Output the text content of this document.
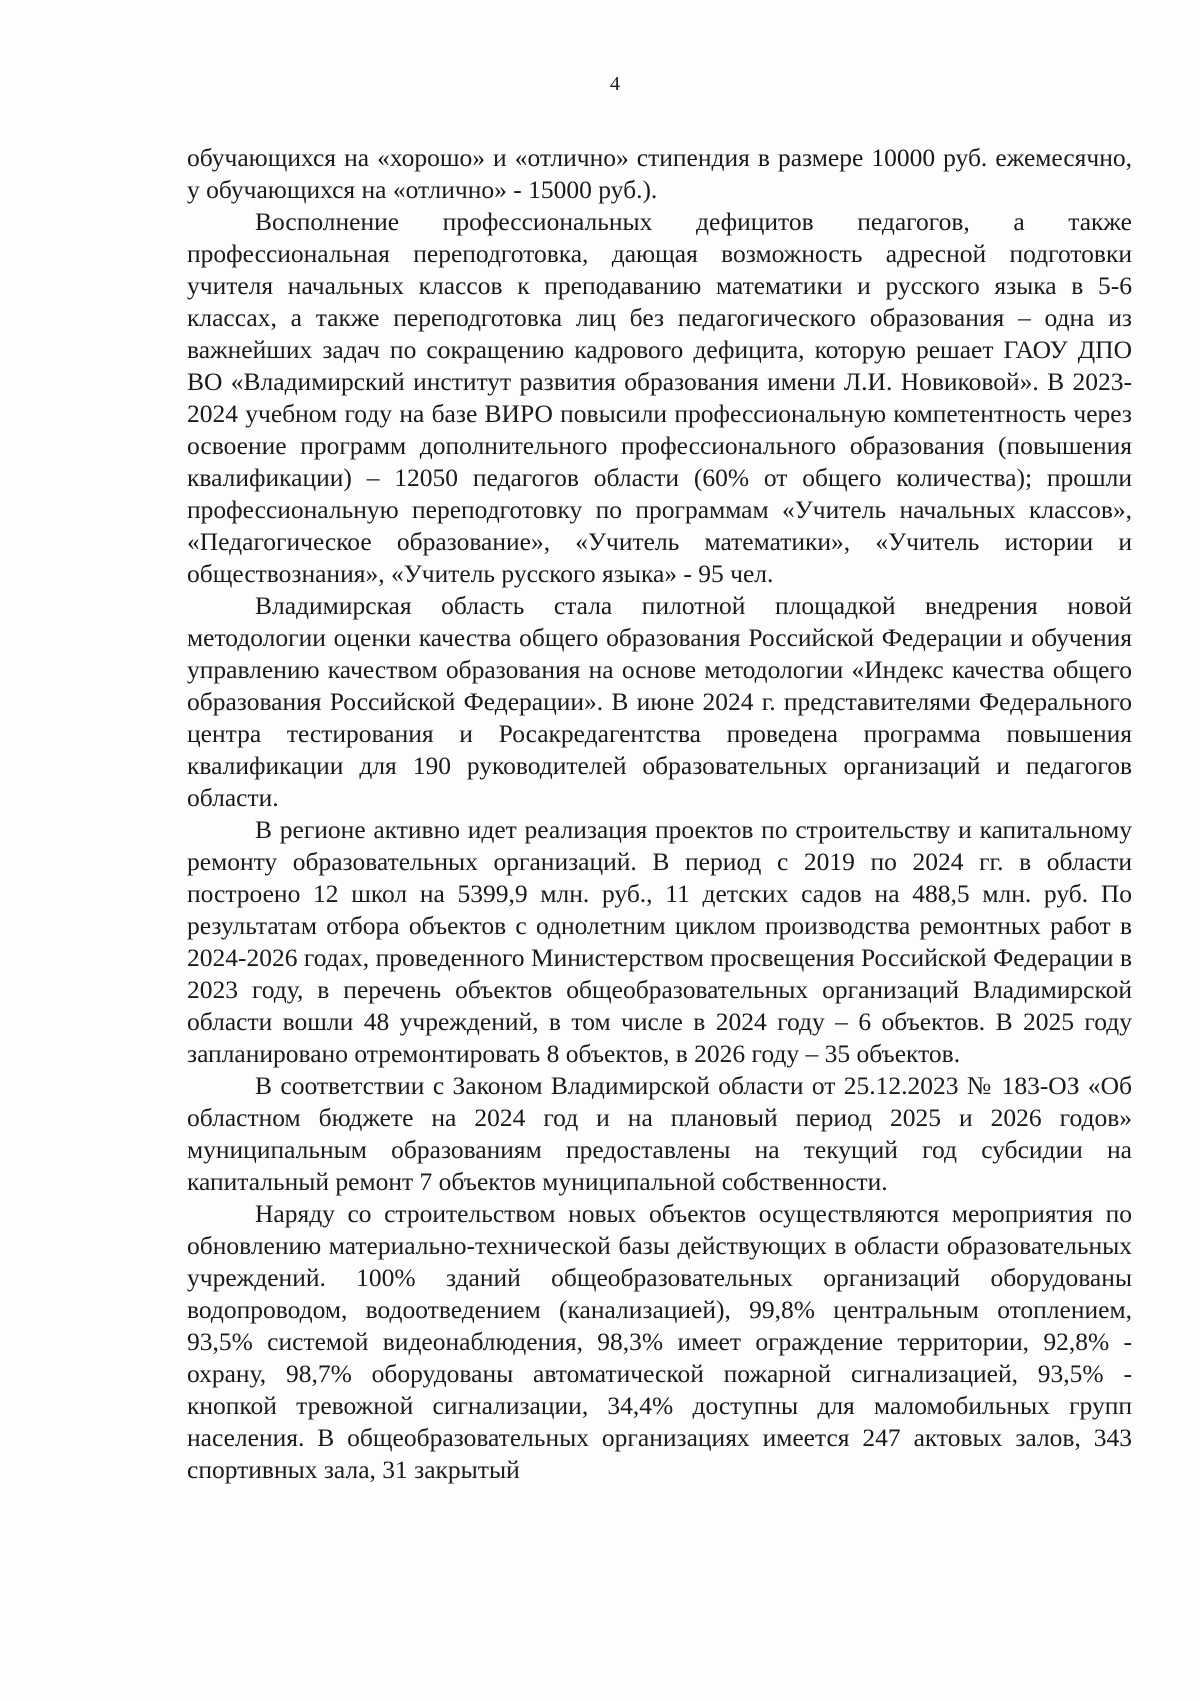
4

обучающихся на «хорошо» и «отлично» стипендия в размере 10000 руб. ежемесячно, у обучающихся на «отлично» - 15000 руб.).

Восполнение профессиональных дефицитов педагогов, а также профессиональная переподготовка, дающая возможность адресной подготовки учителя начальных классов к преподаванию математики и русского языка в 5-6 классах, а также переподготовка лиц без педагогического образования – одна из важнейших задач по сокращению кадрового дефицита, которую решает ГАОУ ДПО ВО «Владимирский институт развития образования имени Л.И. Новиковой». В 2023-2024 учебном году на базе ВИРО повысили профессиональную компетентность через освоение программ дополнительного профессионального образования (повышения квалификации) – 12050 педагогов области (60% от общего количества); прошли профессиональную переподготовку по программам «Учитель начальных классов», «Педагогическое образование», «Учитель математики», «Учитель истории и обществознания», «Учитель русского языка» - 95 чел.

Владимирская область стала пилотной площадкой внедрения новой методологии оценки качества общего образования Российской Федерации и обучения управлению качеством образования на основе методологии «Индекс качества общего образования Российской Федерации». В июне 2024 г. представителями Федерального центра тестирования и Росакредагентства проведена программа повышения квалификации для 190 руководителей образовательных организаций и педагогов области.

В регионе активно идет реализация проектов по строительству и капитальному ремонту образовательных организаций. В период с 2019 по 2024 гг. в области построено 12 школ на 5399,9 млн. руб., 11 детских садов на 488,5 млн. руб. По результатам отбора объектов с однолетним циклом производства ремонтных работ в 2024-2026 годах, проведенного Министерством просвещения Российской Федерации в 2023 году, в перечень объектов общеобразовательных организаций Владимирской области вошли 48 учреждений, в том числе в 2024 году – 6 объектов. В 2025 году запланировано отремонтировать 8 объектов, в 2026 году – 35 объектов.

В соответствии с Законом Владимирской области от 25.12.2023 № 183-ОЗ «Об областном бюджете на 2024 год и на плановый период 2025 и 2026 годов» муниципальным образованиям предоставлены на текущий год субсидии на капитальный ремонт 7 объектов муниципальной собственности.

Наряду со строительством новых объектов осуществляются мероприятия по обновлению материально-технической базы действующих в области образовательных учреждений. 100% зданий общеобразовательных организаций оборудованы водопроводом, водоотведением (канализацией), 99,8% центральным отоплением, 93,5% системой видеонаблюдения, 98,3% имеет ограждение территории, 92,8% - охрану, 98,7% оборудованы автоматической пожарной сигнализацией, 93,5% - кнопкой тревожной сигнализации, 34,4% доступны для маломобильных групп населения. В общеобразовательных организациях имеется 247 актовых залов, 343 спортивных зала, 31 закрытый
